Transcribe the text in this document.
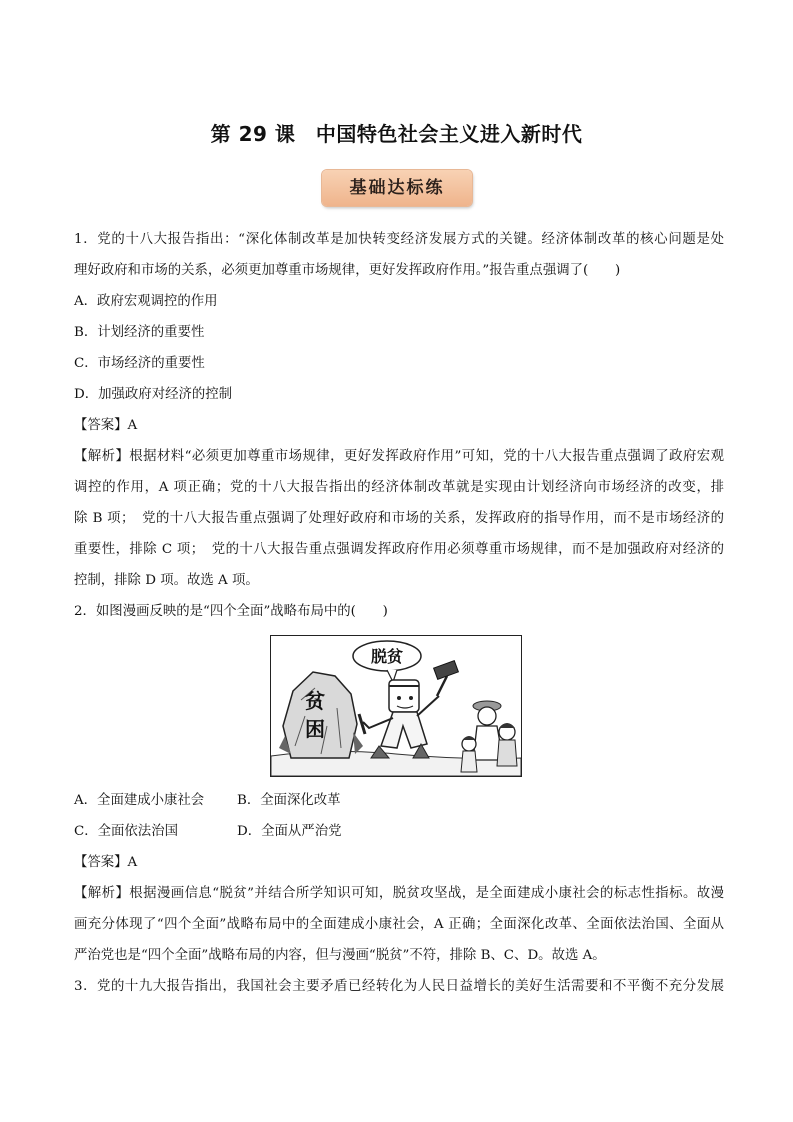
第 29 课　中国特色社会主义进入新时代
基础达标练
1．党的十八大报告指出：“深化体制改革是加快转变经济发展方式的关键。经济体制改革的核心问题是处
理好政府和市场的关系，必须更加尊重市场规律，更好发挥政府作用。”报告重点强调了(　　)
A．政府宏观调控的作用
B．计划经济的重要性
C．市场经济的重要性
D．加强政府对经济的控制
【答案】A
【解析】根据材料“必须更加尊重市场规律，更好发挥政府作用”可知，党的十八大报告重点强调了政府宏观
调控的作用，A 项正确；党的十八大报告指出的经济体制改革就是实现由计划经济向市场经济的改变，排
除 B 项；　党的十八大报告重点强调了处理好政府和市场的关系，发挥政府的指导作用，而不是市场经济的
重要性，排除 C 项；　党的十八大报告重点强调发挥政府作用必须尊重市场规律，而不是加强政府对经济的
控制，排除 D 项。故选 A 项。
2．如图漫画反映的是“四个全面”战略布局中的(　　)
贫
困
脱贫
A．全面建成小康社会	B．全面深化改革
C．全面依法治国	D．全面从严治党
【答案】A
【解析】根据漫画信息“脱贫”并结合所学知识可知，脱贫攻坚战，是全面建成小康社会的标志性指标。故漫
画充分体现了“四个全面”战略布局中的全面建成小康社会，A 正确；全面深化改革、全面依法治国、全面从
严治党也是“四个全面”战略布局的内容，但与漫画“脱贫”不符，排除 B、C、D。故选 A。
3．党的十九大报告指出，我国社会主要矛盾已经转化为人民日益增长的美好生活需要和不平衡不充分发展
